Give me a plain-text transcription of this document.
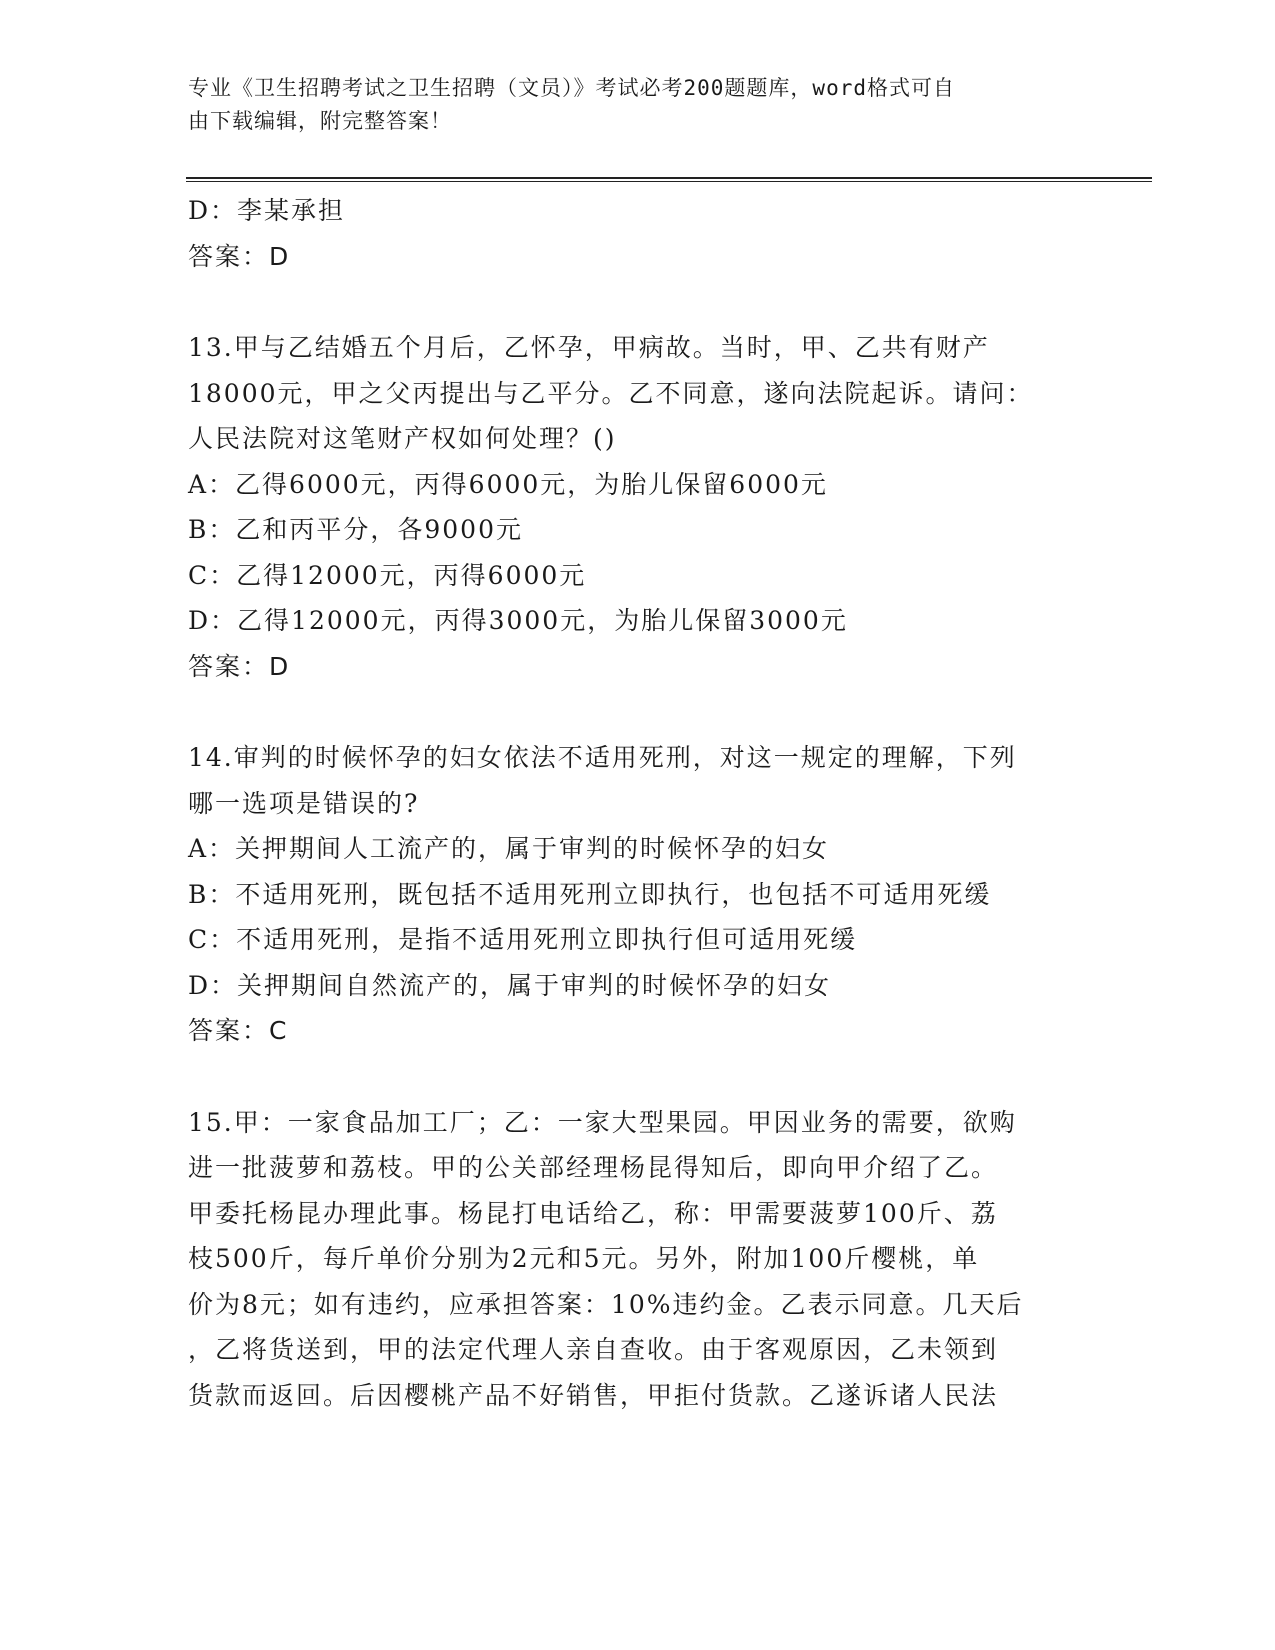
专业《卫生招聘考试之卫生招聘（文员）》考试必考200题题库，word格式可自
由下载编辑，附完整答案！
D：李某承担
答案：D
13.甲与乙结婚五个月后，乙怀孕，甲病故。当时，甲、乙共有财产
18000元，甲之父丙提出与乙平分。乙不同意，遂向法院起诉。请问：
人民法院对这笔财产权如何处理？()
A：乙得6000元，丙得6000元，为胎儿保留6000元
B：乙和丙平分，各9000元
C：乙得12000元，丙得6000元
D：乙得12000元，丙得3000元，为胎儿保留3000元
答案：D
14.审判的时候怀孕的妇女依法不适用死刑，对这一规定的理解，下列
哪一选项是错误的?
A：关押期间人工流产的，属于审判的时候怀孕的妇女
B：不适用死刑，既包括不适用死刑立即执行，也包括不可适用死缓
C：不适用死刑，是指不适用死刑立即执行但可适用死缓
D：关押期间自然流产的，属于审判的时候怀孕的妇女
答案：C
15.甲：一家食品加工厂；乙：一家大型果园。甲因业务的需要，欲购
进一批菠萝和荔枝。甲的公关部经理杨昆得知后，即向甲介绍了乙。
甲委托杨昆办理此事。杨昆打电话给乙，称：甲需要菠萝100斤、荔
枝500斤，每斤单价分别为2元和5元。另外，附加100斤樱桃，单
价为8元；如有违约，应承担答案：10%违约金。乙表示同意。几天后
，乙将货送到，甲的法定代理人亲自查收。由于客观原因，乙未领到
货款而返回。后因樱桃产品不好销售，甲拒付货款。乙遂诉诸人民法
